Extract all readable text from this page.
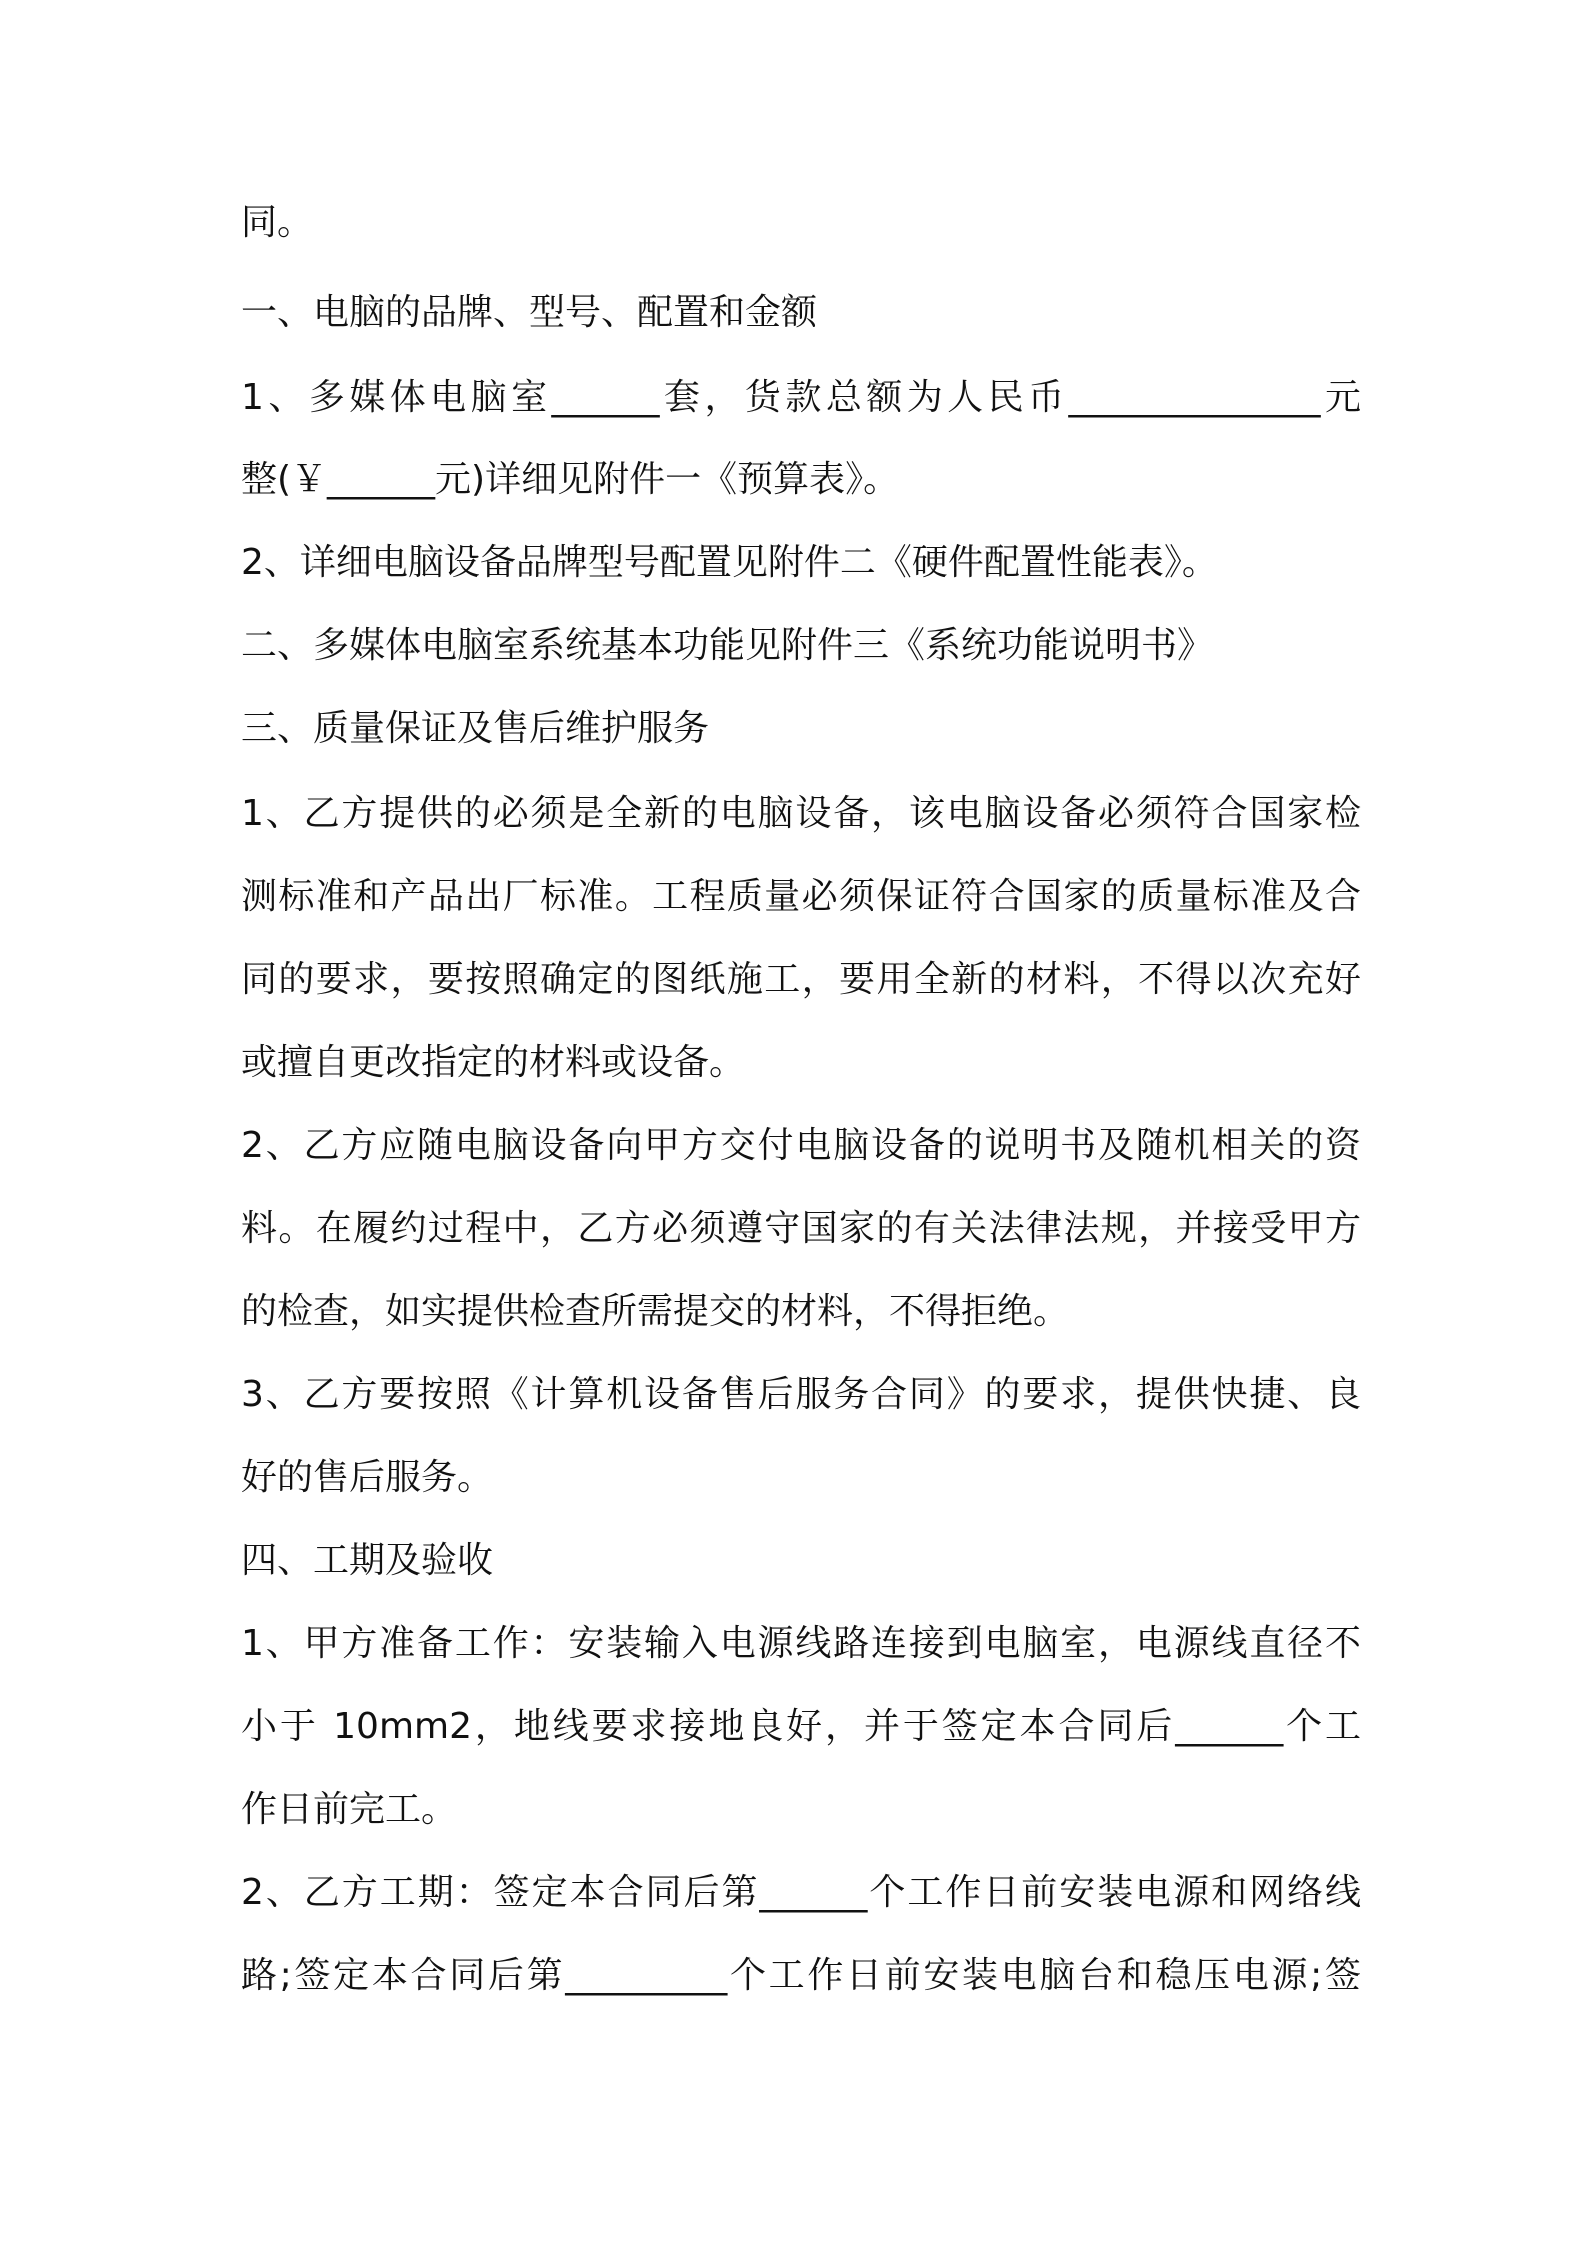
同。
一、电脑的品牌、型号、配置和金额
1、多媒体电脑室______套，货款总额为人民币______________元
整(￥______元)详细见附件一《预算表》。
2、详细电脑设备品牌型号配置见附件二《硬件配置性能表》。
二、多媒体电脑室系统基本功能见附件三《系统功能说明书》
三、质量保证及售后维护服务
1、乙方提供的必须是全新的电脑设备，该电脑设备必须符合国家检
测标准和产品出厂标准。工程质量必须保证符合国家的质量标准及合
同的要求，要按照确定的图纸施工，要用全新的材料，不得以次充好
或擅自更改指定的材料或设备。
2、乙方应随电脑设备向甲方交付电脑设备的说明书及随机相关的资
料。在履约过程中，乙方必须遵守国家的有关法律法规，并接受甲方
的检查，如实提供检查所需提交的材料，不得拒绝。
3、乙方要按照《计算机设备售后服务合同》的要求，提供快捷、良
好的售后服务。
四、工期及验收
1、甲方准备工作：安装输入电源线路连接到电脑室，电源线直径不
小于 10mm2，地线要求接地良好，并于签定本合同后______个工
作日前完工。
2、乙方工期：签定本合同后第______个工作日前安装电源和网络线
路;签定本合同后第_________个工作日前安装电脑台和稳压电源;签
